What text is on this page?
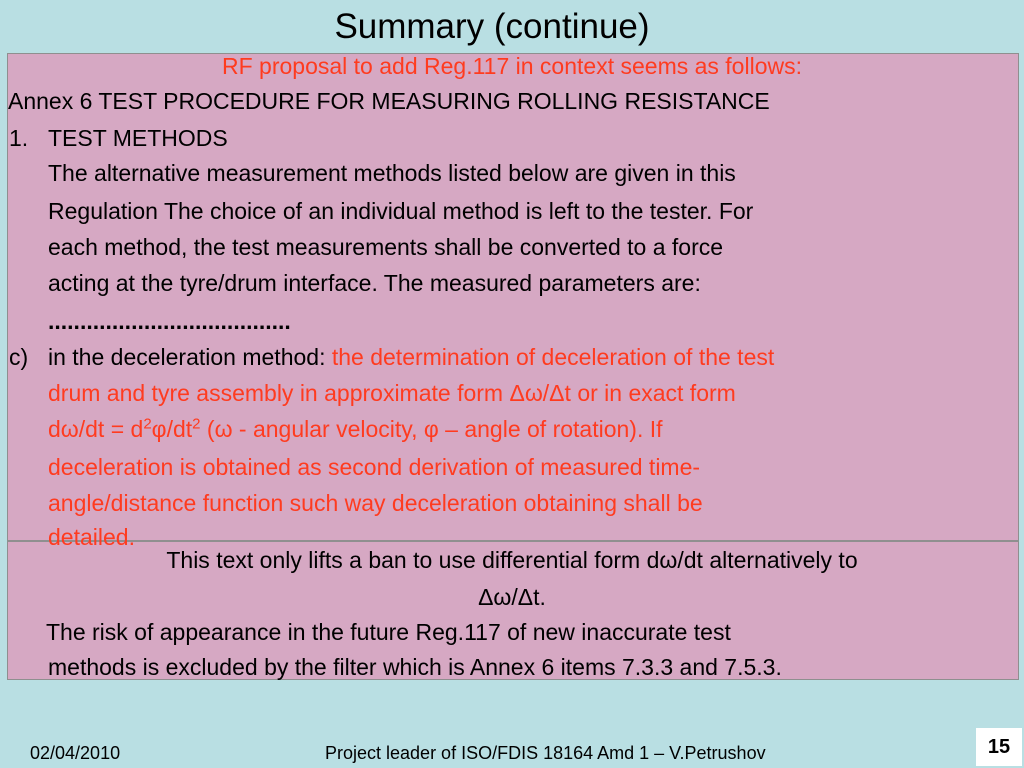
Summary (continue)
RF proposal to add Reg.117 in context seems as follows:
Annex 6 TEST PROCEDURE FOR MEASURING ROLLING RESISTANCE
1. TEST METHODS
The alternative measurement methods listed below are given in this
Regulation The choice of an individual method is left to the tester. For
each method, the test measurements shall be converted to a force
acting at the tyre/drum interface. The measured parameters are:
......................................
c) in the deceleration method: the determination of deceleration of the test
drum and tyre assembly in approximate form Δω/Δt or in exact form
$d\omega/dt = d^2\varphi/dt^2$ (ω - angular velocity, φ – angle of rotation). If
deceleration is obtained as second derivation of measured time-
angle/distance function such way deceleration obtaining shall be
detailed.
This text only lifts a ban to use differential form dω/dt alternatively to
Δω/Δt.
The risk of appearance in the future Reg.117 of new inaccurate test
methods is excluded by the filter which is Annex 6 items 7.3.3 and 7.5.3.
02/04/2010	Project leader of ISO/FDIS 18164 Amd 1 – V.Petrushov	15
